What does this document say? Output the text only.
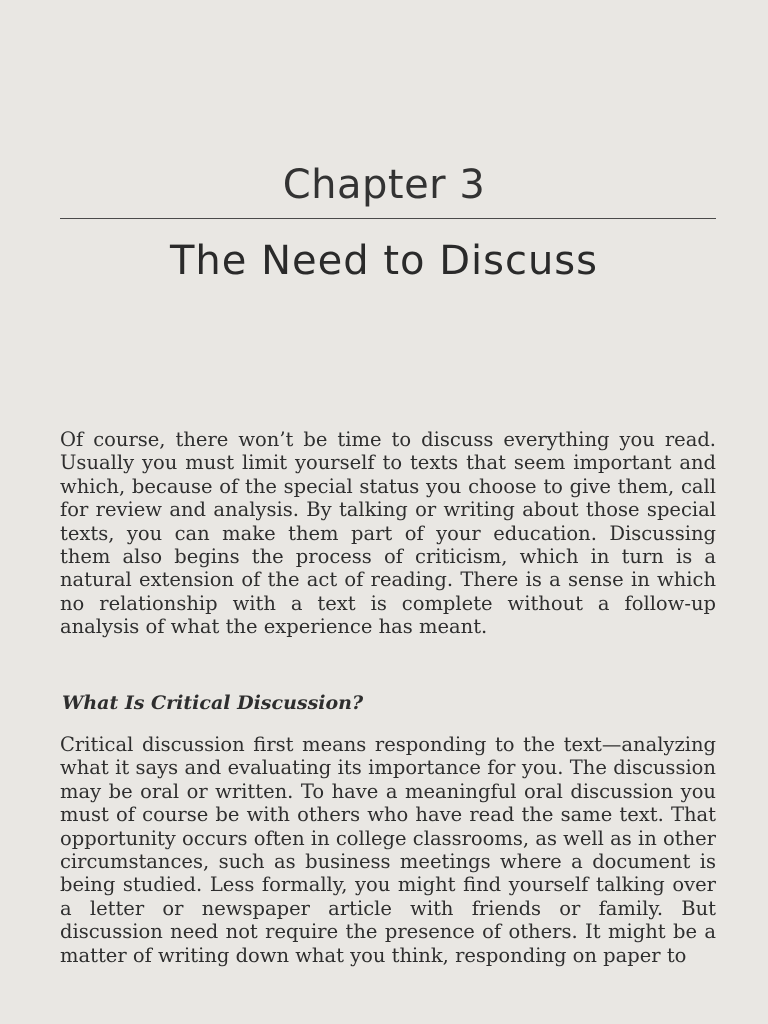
Chapter 3
The Need to Discuss

Of course, there won’t be time to discuss everything you read. Usually you must limit yourself to texts that seem important and which, because of the special status you choose to give them, call for review and analysis. By talking or writing about those special texts, you can make them part of your education. Discussing them also begins the process of criticism, which in turn is a natural extension of the act of reading. There is a sense in which no relationship with a text is complete without a follow-up analysis of what the experience has meant.

What Is Critical Discussion?

Critical discussion first means responding to the text—analyzing what it says and evaluating its importance for you. The discussion may be oral or written. To have a meaningful oral discussion you must of course be with others who have read the same text. That opportunity occurs often in college classrooms, as well as in other circumstances, such as business meetings where a document is being studied. Less formally, you might find yourself talking over a letter or newspaper article with friends or family. But discussion need not require the presence of others. It might be a matter of writing down what you think, responding on paper to
